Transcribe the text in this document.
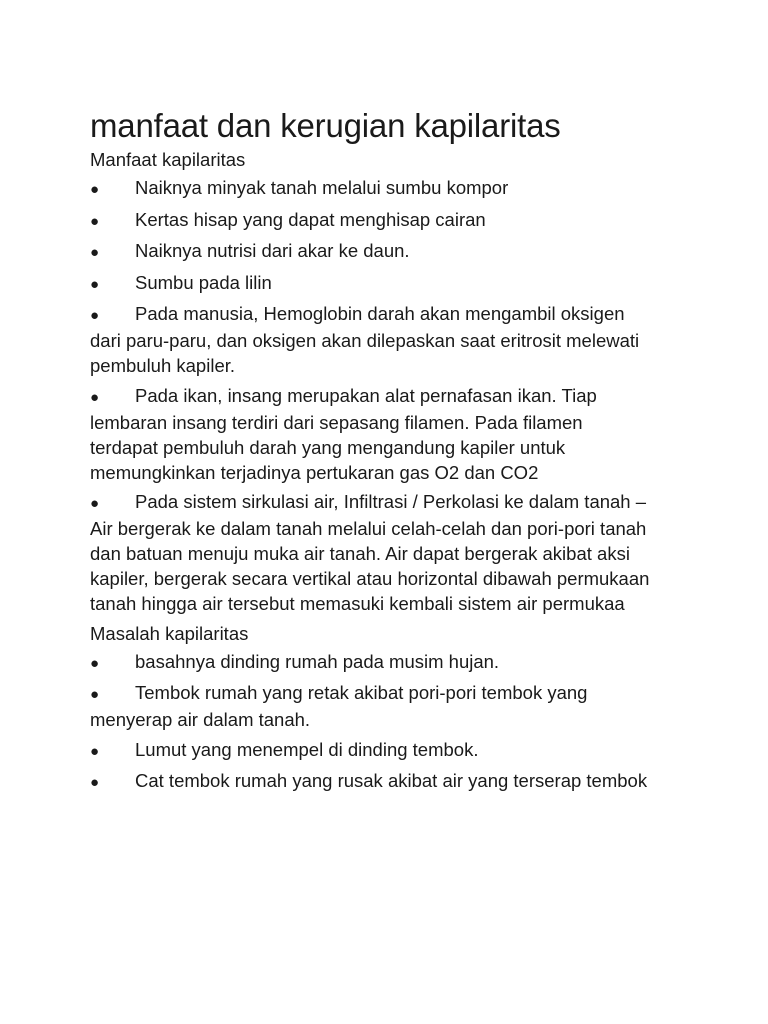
manfaat dan kerugian kapilaritas

Manfaat kapilaritas

● Naiknya minyak tanah melalui sumbu kompor
● Kertas hisap yang dapat menghisap cairan
● Naiknya nutrisi dari akar ke daun.
● Sumbu pada lilin
● Pada manusia, Hemoglobin darah akan mengambil oksigen dari paru-paru, dan oksigen akan dilepaskan saat eritrosit melewati pembuluh kapiler.
● Pada ikan, insang merupakan alat pernafasan ikan. Tiap lembaran insang terdiri dari sepasang filamen. Pada filamen terdapat pembuluh darah yang mengandung kapiler untuk memungkinkan terjadinya pertukaran gas O2 dan CO2
● Pada sistem sirkulasi air, Infiltrasi / Perkolasi ke dalam tanah – Air bergerak ke dalam tanah melalui celah-celah dan pori-pori tanah dan batuan menuju muka air tanah. Air dapat bergerak akibat aksi kapiler, bergerak secara vertikal atau horizontal dibawah permukaan tanah hingga air tersebut memasuki kembali sistem air permukaa

Masalah kapilaritas

● basahnya dinding rumah pada musim hujan.
● Tembok rumah yang retak akibat pori-pori tembok yang menyerap air dalam tanah.
● Lumut yang menempel di dinding tembok.
● Cat tembok rumah yang rusak akibat air yang terserap tembok
